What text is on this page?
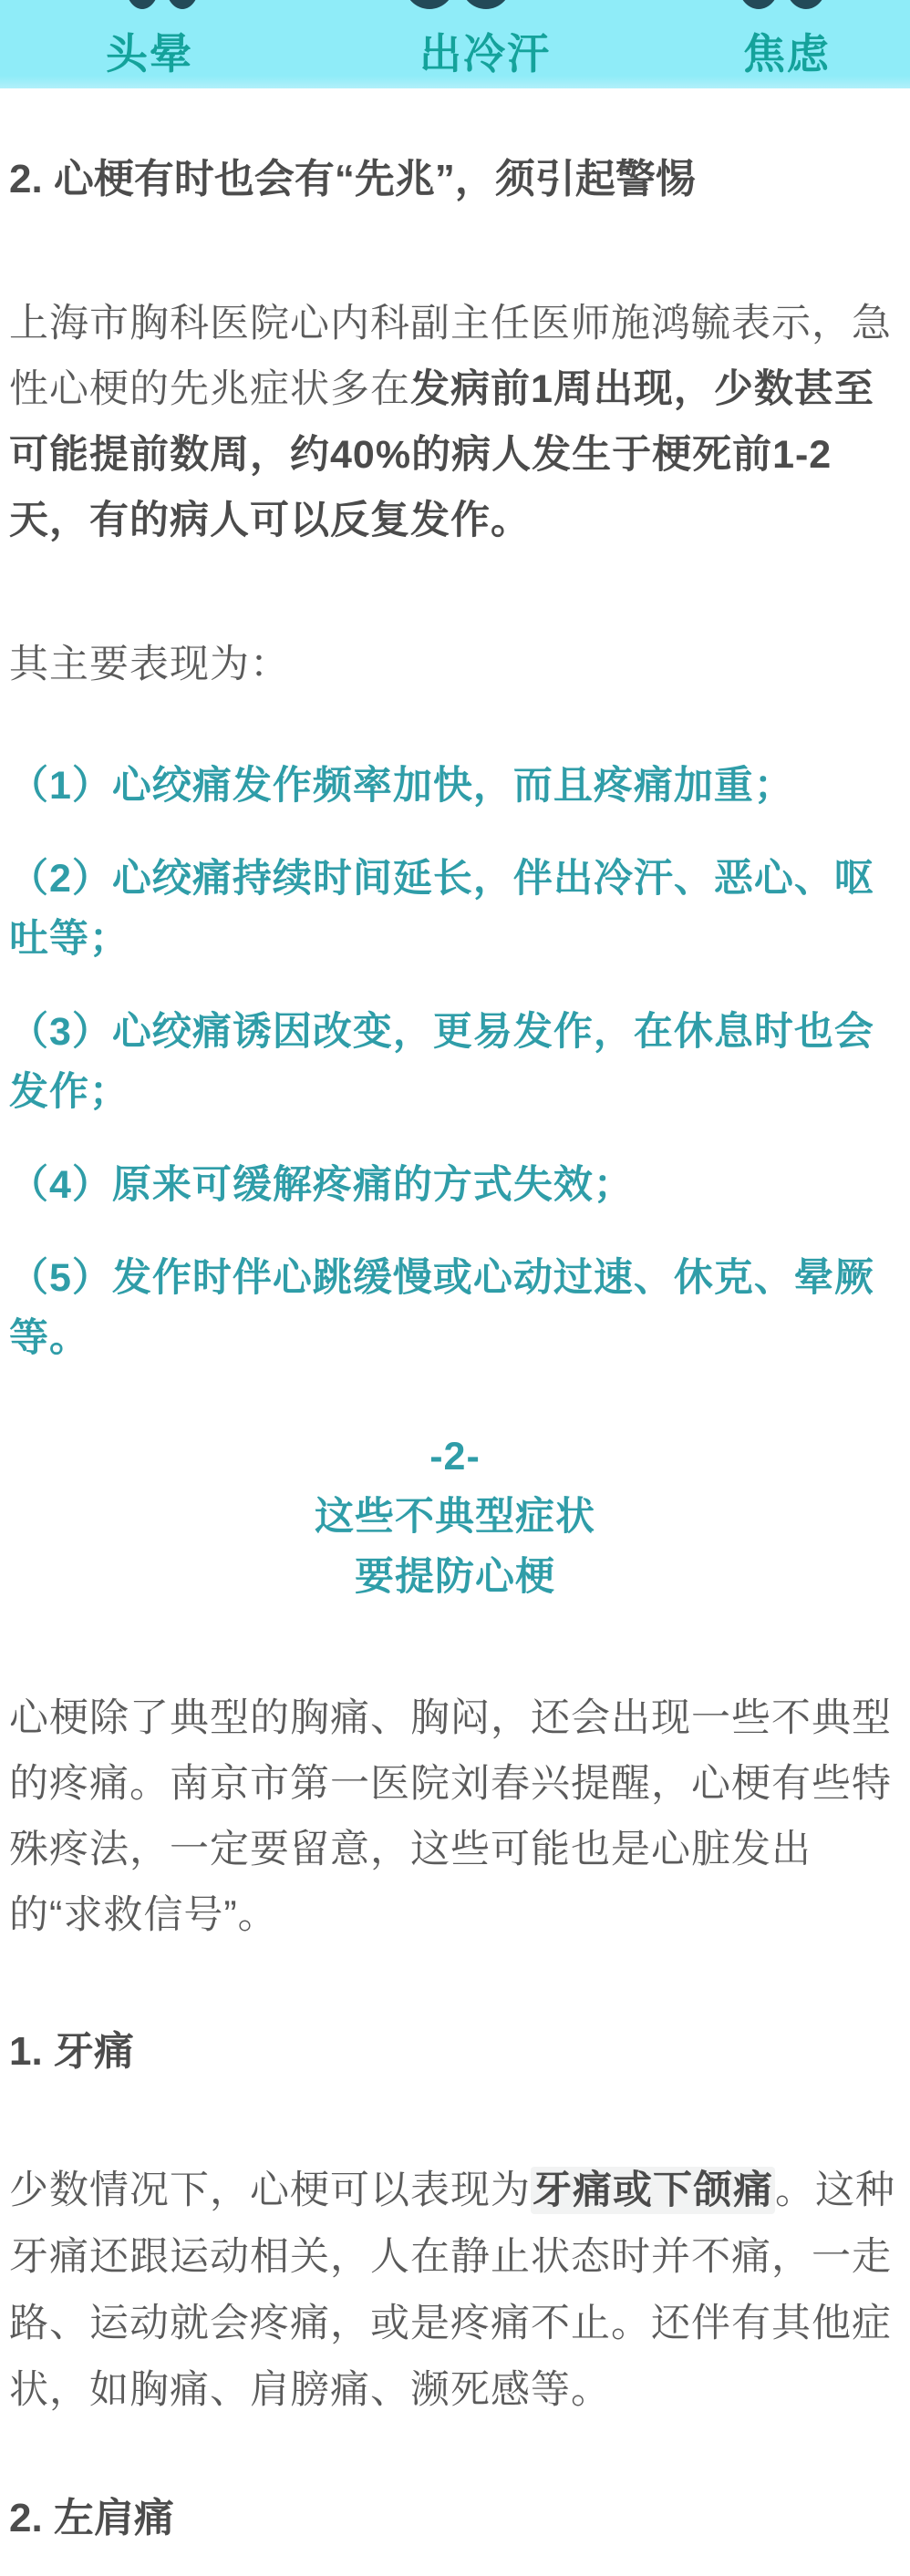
头晕	出冷汗	焦虑
2. 心梗有时也会有“先兆”，须引起警惕

上海市胸科医院心内科副主任医师施鸿毓表示，急性心梗的先兆症状多在发病前1周出现，少数甚至可能提前数周，约40%的病人发生于梗死前1-2天，有的病人可以反复发作。

其主要表现为：

（1）心绞痛发作频率加快，而且疼痛加重；

（2）心绞痛持续时间延长，伴出冷汗、恶心、呕吐等；

（3）心绞痛诱因改变，更易发作，在休息时也会发作；

（4）原来可缓解疼痛的方式失效；

（5）发作时伴心跳缓慢或心动过速、休克、晕厥等。

-2-

这些不典型症状

要提防心梗

心梗除了典型的胸痛、胸闷，还会出现一些不典型的疼痛。南京市第一医院刘春兴提醒，心梗有些特殊疼法，一定要留意，这些可能也是心脏发出的“求救信号”。

1. 牙痛

少数情况下，心梗可以表现为牙痛或下颌痛。这种牙痛还跟运动相关，人在静止状态时并不痛，一走路、运动就会疼痛，或是疼痛不止。还伴有其他症状，如胸痛、肩膀痛、濒死感等。

2. 左肩痛
